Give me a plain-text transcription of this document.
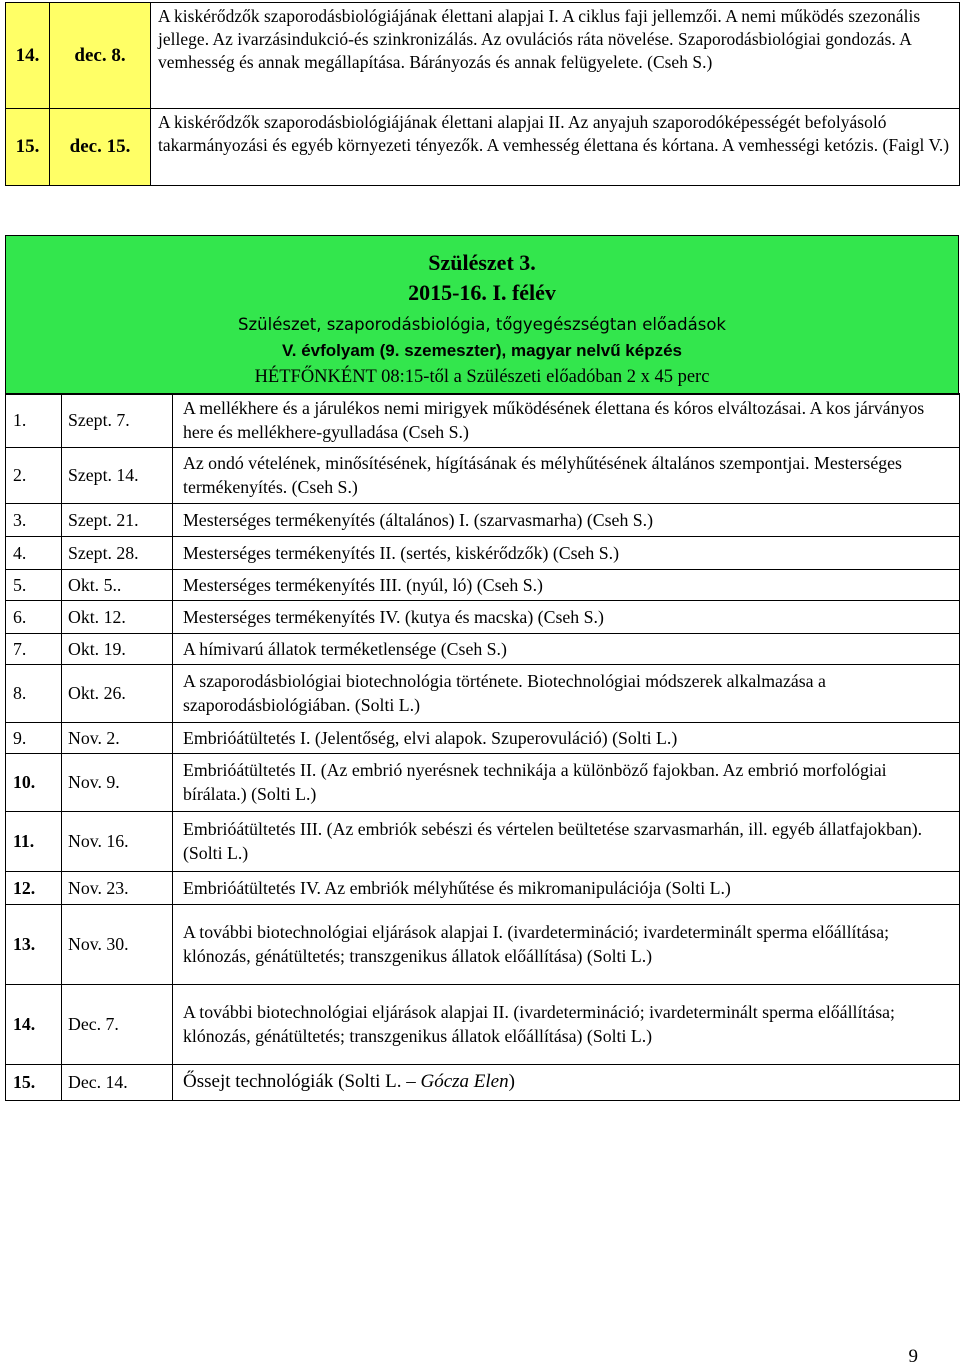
14.	dec. 8.	A kiskérődzők szaporodásbiológiájának élettani alapjai I. A ciklus faji jellemzői. A nemi működés szezonális jellege. Az ivarzásindukció-és szinkronizálás. Az ovulációs ráta növelése. Szaporodásbiológiai gondozás. A vemhesség és annak megállapítása. Bárányozás és annak felügyelete. (Cseh S.)
15.	dec. 15.	A kiskérődzők szaporodásbiológiájának élettani alapjai II. Az anyajuh szaporodóképességét befolyásoló takarmányozási és egyéb környezeti tényezők. A vemhesség élettana és kórtana. A vemhességi ketózis. (Faigl V.)
Szülészet 3.
2015-16. I. félév
Szülészet, szaporodásbiológia, tőgyegészségtan előadások
V. évfolyam (9. szemeszter), magyar nelvű képzés
HÉTFŐNKÉNT 08:15-től a Szülészeti előadóban 2 x 45 perc
1.	Szept. 7.	A mellékhere és a járulékos nemi mirigyek működésének élettana és kóros elváltozásai. A kos járványos here és mellékhere-gyulladása (Cseh S.)
2.	Szept. 14.	Az ondó vételének, minősítésének, hígításának és mélyhűtésének általános szempontjai. Mesterséges termékenyítés. (Cseh S.)
3.	Szept. 21.	Mesterséges termékenyítés (általános) I. (szarvasmarha) (Cseh S.)
4.	Szept. 28.	Mesterséges termékenyítés II. (sertés, kiskérődzők) (Cseh S.)
5.	Okt. 5..	Mesterséges termékenyítés III. (nyúl, ló) (Cseh S.)
6.	Okt. 12.	Mesterséges termékenyítés IV. (kutya és macska) (Cseh S.)
7.	Okt. 19.	A hímivarú állatok terméketlensége (Cseh S.)
8.	Okt. 26.	A szaporodásbiológiai biotechnológia története. Biotechnológiai módszerek alkalmazása a szaporodásbiológiában. (Solti L.)
9.	Nov. 2.	Embrióátültetés I. (Jelentőség, elvi alapok. Szuperovuláció) (Solti L.)
10.	Nov. 9.	Embrióátültetés II. (Az embrió nyerésnek technikája a különböző fajokban. Az embrió morfológiai bírálata.) (Solti L.)
11.	Nov. 16.	Embrióátültetés III. (Az embriók sebészi és vértelen beültetése szarvasmarhán, ill. egyéb állatfajokban). (Solti L.)
12.	Nov. 23.	Embrióátültetés IV. Az embriók mélyhűtése és mikromanipulációja (Solti L.)
13.	Nov. 30.	A további biotechnológiai eljárások alapjai I. (ivardetermináció; ivardeterminált sperma előállítása; klónozás, génátültetés; transzgenikus állatok előállítása) (Solti L.)
14.	Dec. 7.	A további biotechnológiai eljárások alapjai II. (ivardetermináció; ivardeterminált sperma előállítása; klónozás, génátültetés; transzgenikus állatok előállítása) (Solti L.)
15.	Dec. 14.	Őssejt technológiák (Solti L. – Gócza Elen)
9
